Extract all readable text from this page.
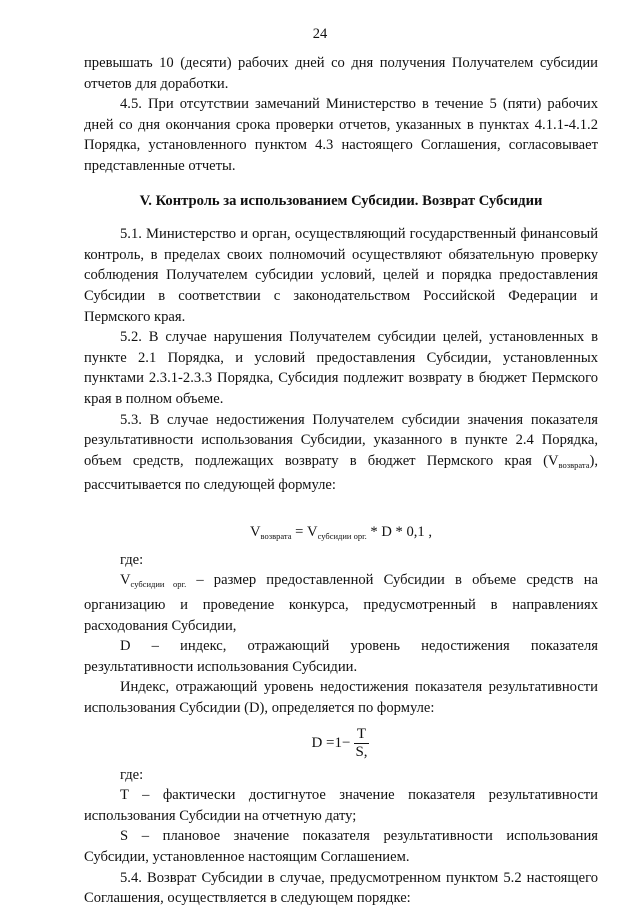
24

превышать 10 (десяти) рабочих дней со дня получения Получателем субсидии отчетов для доработки.

4.5. При отсутствии замечаний Министерство в течение 5 (пяти) рабочих дней со дня окончания срока проверки отчетов, указанных в пунктах 4.1.1-4.1.2 Порядка, установленного пунктом 4.3 настоящего Соглашения, согласовывает представленные отчеты.

V. Контроль за использованием Субсидии. Возврат Субсидии

5.1. Министерство и орган, осуществляющий государственный финансовый контроль, в пределах своих полномочий осуществляют обязательную проверку соблюдения Получателем субсидии условий, целей и порядка предоставления Субсидии в соответствии с законодательством Российской Федерации и Пермского края.

5.2. В случае нарушения Получателем субсидии целей, установленных в пункте 2.1 Порядка, и условий предоставления Субсидии, установленных пунктами 2.3.1-2.3.3 Порядка, Субсидия подлежит возврату в бюджет Пермского края в полном объеме.

5.3. В случае недостижения Получателем субсидии значения показателя результативности использования Субсидии, указанного в пункте 2.4 Порядка, объем средств, подлежащих возврату в бюджет Пермского края $(V_{возврата})$, рассчитывается по следующей формуле:

$V_{возврата} = V_{субсидии орг.} * D * 0,1$ ,

где:

$V_{субсидии орг.}$ – размер предоставленной Субсидии в объеме средств на организацию и проведение конкурса, предусмотренный в направлениях расходования Субсидии,

D – индекс, отражающий уровень недостижения показателя результативности использования Субсидии.

Индекс, отражающий уровень недостижения показателя результативности использования Субсидии (D), определяется по формуле:

$D =1- \frac{T}{S,}$

где:

T – фактически достигнутое значение показателя результативности использования Субсидии на отчетную дату;

S – плановое значение показателя результативности использования Субсидии, установленное настоящим Соглашением.

5.4. Возврат Субсидии в случае, предусмотренном пунктом 5.2 настоящего Соглашения, осуществляется в следующем порядке:
